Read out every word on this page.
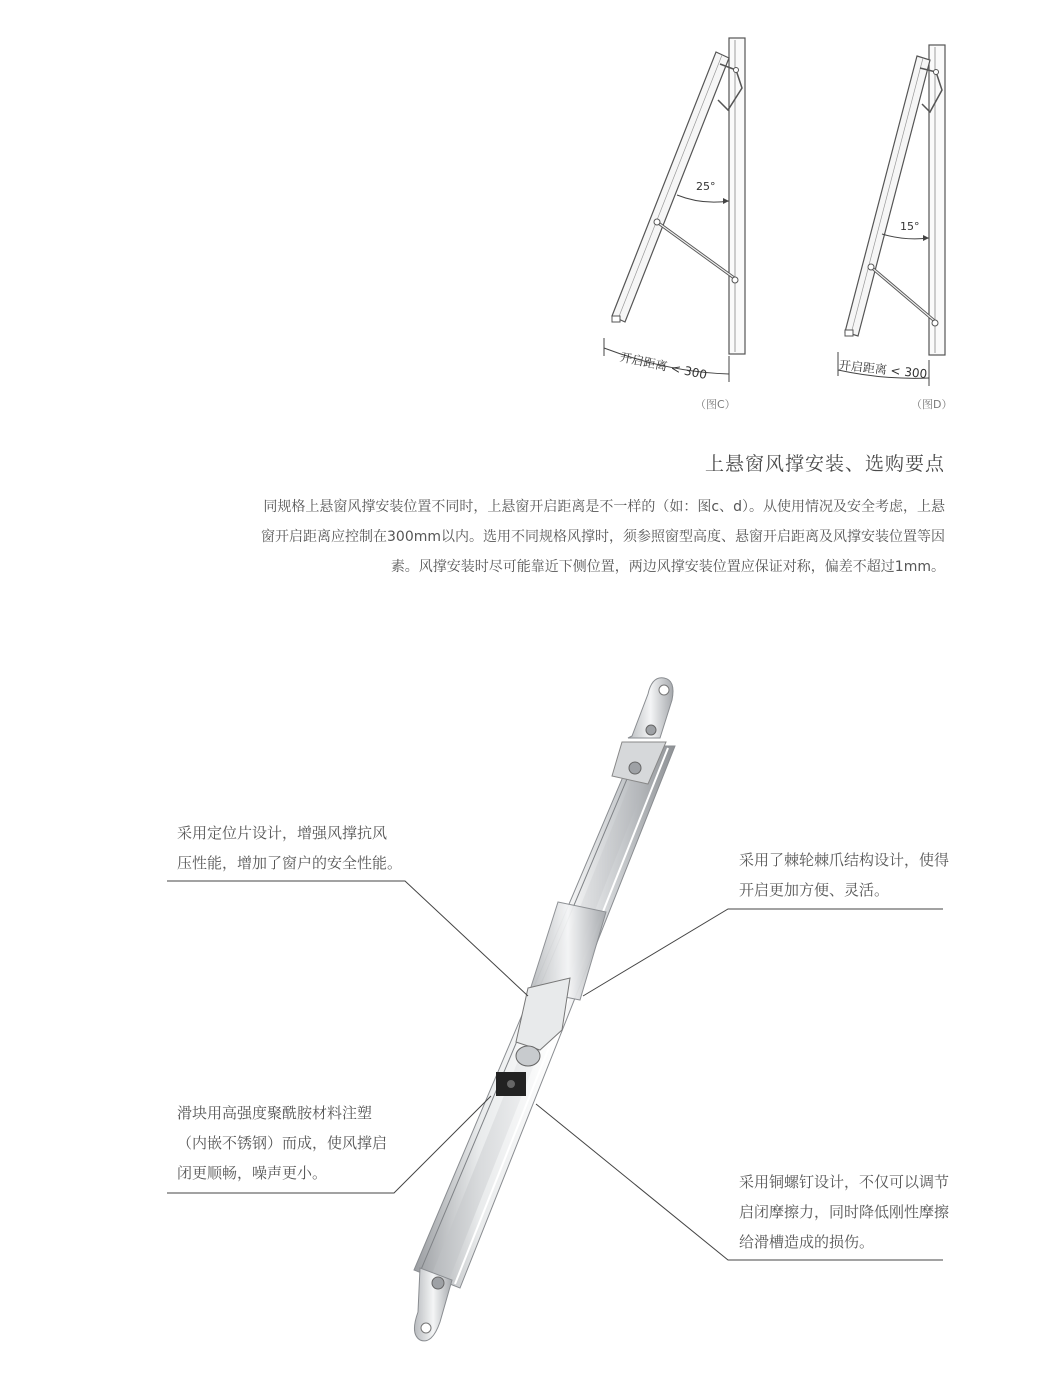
25°
开启距离 < 300
（图C）
15°
开启距离 < 300
（图D）
上悬窗风撑安装、选购要点
同规格上悬窗风撑安装位置不同时，上悬窗开启距离是不一样的（如：图c、d）。从使用情况及安全考虑，上悬
窗开启距离应控制在300mm以内。选用不同规格风撑时，须参照窗型高度、悬窗开启距离及风撑安装位置等因
素。风撑安装时尽可能靠近下侧位置，两边风撑安装位置应保证对称，偏差不超过1mm。
采用定位片设计，增强风撑抗风
压性能，增加了窗户的安全性能。	采用了棘轮棘爪结构设计，使得
开启更加方便、灵活。
滑块用高强度聚酰胺材料注塑
（内嵌不锈钢）而成，使风撑启
闭更顺畅，噪声更小。	采用铜螺钉设计，不仅可以调节
启闭摩擦力，同时降低刚性摩擦
给滑槽造成的损伤。
